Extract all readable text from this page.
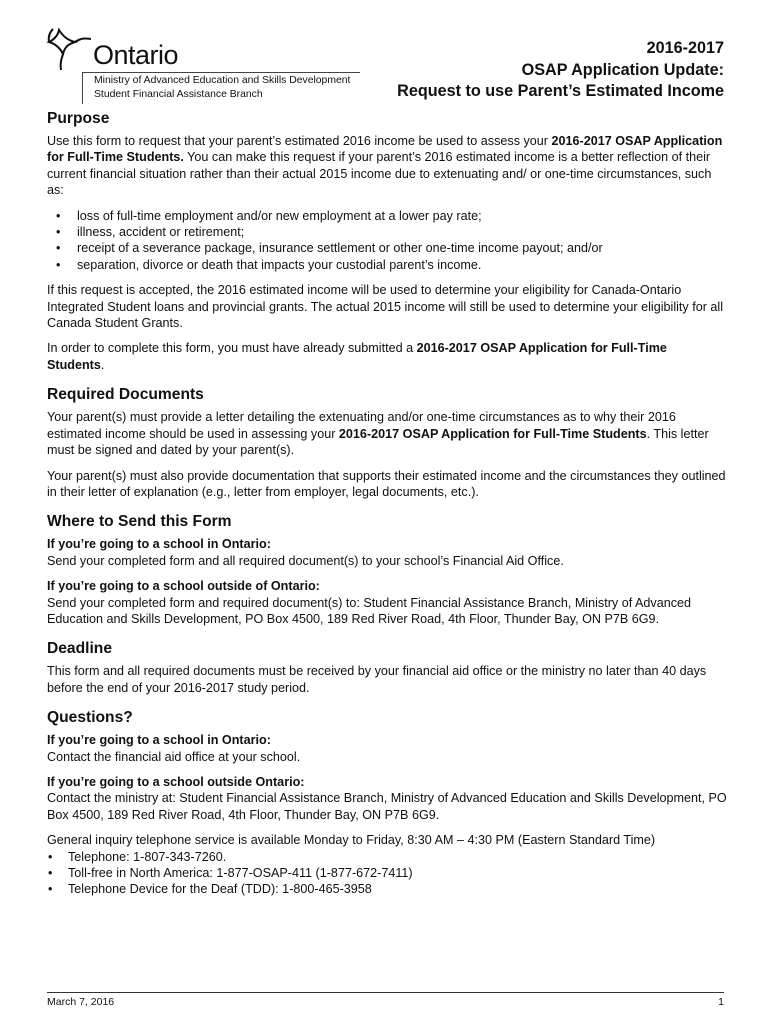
Ontario
Ministry of Advanced Education and Skills Development
Student Financial Assistance Branch
2016-2017
OSAP Application Update:
Request to use Parent’s Estimated Income
Purpose

Use this form to request that your parent’s estimated 2016 income be used to assess your 2016-2017 OSAP Application for Full-Time Students. You can make this request if your parent’s 2016 estimated income is a better reflection of their current financial situation rather than their actual 2015 income due to extenuating and/ or one-time circumstances, such as:

• loss of full-time employment and/or new employment at a lower pay rate;
• illness, accident or retirement;
• receipt of a severance package, insurance settlement or other one-time income payout; and/or
• separation, divorce or death that impacts your custodial parent’s income.

If this request is accepted, the 2016 estimated income will be used to determine your eligibility for Canada-Ontario Integrated Student loans and provincial grants. The actual 2015 income will still be used to determine your eligibility for all Canada Student Grants.

In order to complete this form, you must have already submitted a 2016-2017 OSAP Application for Full-Time Students.

Required Documents

Your parent(s) must provide a letter detailing the extenuating and/or one-time circumstances as to why their 2016 estimated income should be used in assessing your 2016-2017 OSAP Application for Full-Time Students. This letter must be signed and dated by your parent(s).

Your parent(s) must also provide documentation that supports their estimated income and the circumstances they outlined in their letter of explanation (e.g., letter from employer, legal documents, etc.).

Where to Send this Form

If you’re going to a school in Ontario:
Send your completed form and all required document(s) to your school’s Financial Aid Office.

If you’re going to a school outside of Ontario:
Send your completed form and required document(s) to: Student Financial Assistance Branch, Ministry of Advanced Education and Skills Development, PO Box 4500, 189 Red River Road, 4th Floor, Thunder Bay, ON P7B 6G9.

Deadline

This form and all required documents must be received by your financial aid office or the ministry no later than 40 days before the end of your 2016-2017 study period.

Questions?

If you’re going to a school in Ontario:
Contact the financial aid office at your school.

If you’re going to a school outside Ontario:
Contact the ministry at: Student Financial Assistance Branch, Ministry of Advanced Education and Skills Development, PO Box 4500, 189 Red River Road, 4th Floor, Thunder Bay, ON P7B 6G9.

General inquiry telephone service is available Monday to Friday, 8:30 AM – 4:30 PM (Eastern Standard Time)
• Telephone: 1-807-343-7260.
• Toll-free in North America: 1-877-OSAP-411 (1-877-672-7411)
• Telephone Device for the Deaf (TDD): 1-800-465-3958
March 7, 2016	1
